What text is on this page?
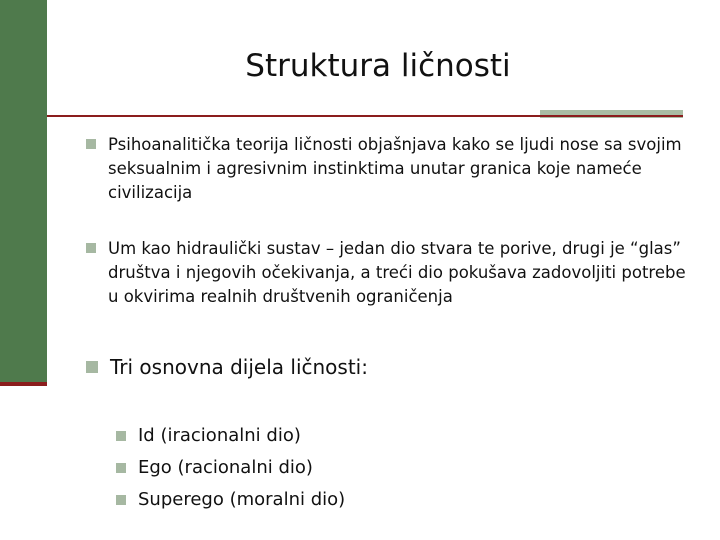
Struktura ličnosti
Psihoanalitička teorija ličnosti objašnjava kako se ljudi nose sa svojim seksualnim i agresivnim instinktima unutar granica koje nameće civilizacija
Um kao hidraulički sustav – jedan dio stvara te porive, drugi je “glas” društva i njegovih očekivanja, a treći dio pokušava zadovoljiti potrebe u okvirima realnih društvenih ograničenja
Tri osnovna dijela ličnosti:
Id (iracionalni dio)
Ego (racionalni dio)
Superego (moralni dio)
